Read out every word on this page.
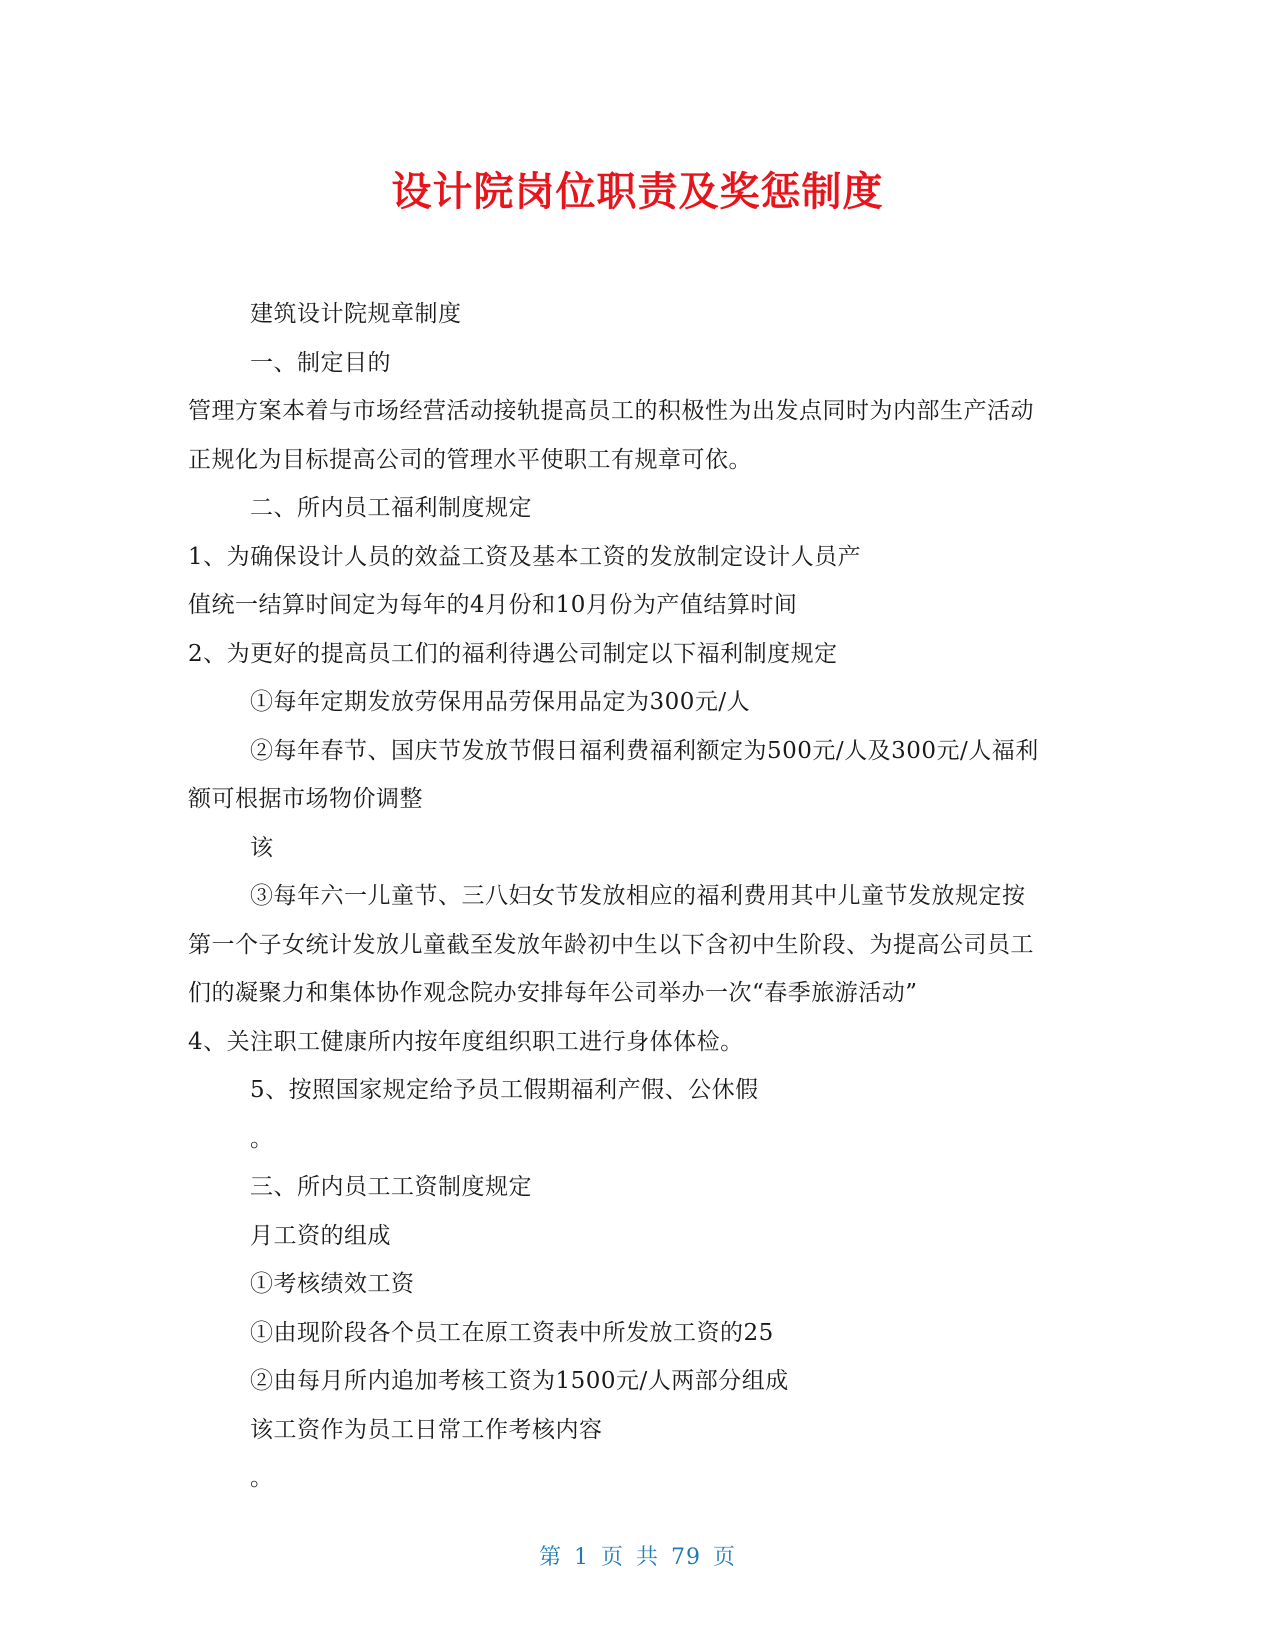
设计院岗位职责及奖惩制度
建筑设计院规章制度
一、制定目的
管理方案本着与市场经营活动接轨提高员工的积极性为出发点同时为内部生产活动
正规化为目标提高公司的管理水平使职工有规章可依。
二、所内员工福利制度规定
1、为确保设计人员的效益工资及基本工资的发放制定设计人员产
值统一结算时间定为每年的4月份和10月份为产值结算时间
2、为更好的提高员工们的福利待遇公司制定以下福利制度规定
①每年定期发放劳保用品劳保用品定为300元/人
②每年春节、国庆节发放节假日福利费福利额定为500元/人及300元/人福利
额可根据市场物价调整
该
③每年六一儿童节、三八妇女节发放相应的福利费用其中儿童节发放规定按
第一个子女统计发放儿童截至发放年龄初中生以下含初中生阶段、为提高公司员工
们的凝聚力和集体协作观念院办安排每年公司举办一次“春季旅游活动”
4、关注职工健康所内按年度组织职工进行身体体检。
5、按照国家规定给予员工假期福利产假、公休假
。
三、所内员工工资制度规定
月工资的组成
①考核绩效工资
①由现阶段各个员工在原工资表中所发放工资的25
②由每月所内追加考核工资为1500元/人两部分组成
该工资作为员工日常工作考核内容
。
第 1 页 共 79 页
